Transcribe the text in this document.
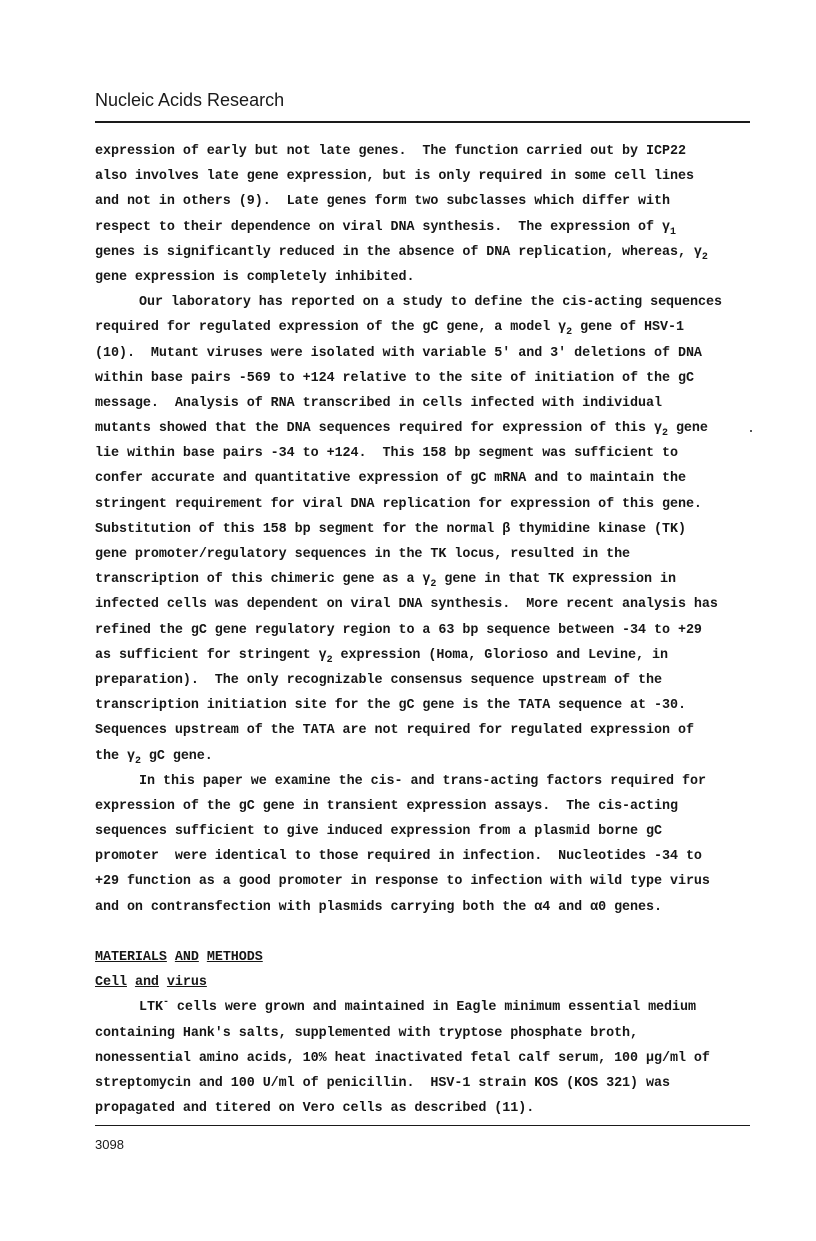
Nucleic Acids Research

expression of early but not late genes.  The function carried out by ICP22
also involves late gene expression, but is only required in some cell lines
and not in others (9).  Late genes form two subclasses which differ with
respect to their dependence on viral DNA synthesis.  The expression of $\gamma_1$
genes is significantly reduced in the absence of DNA replication, whereas, $\gamma_2$
gene expression is completely inhibited.

Our laboratory has reported on a study to define the cis-acting sequences
required for regulated expression of the gC gene, a model $\gamma_2$ gene of HSV-1
(10).  Mutant viruses were isolated with variable 5' and 3' deletions of DNA
within base pairs -569 to +124 relative to the site of initiation of the gC
message.  Analysis of RNA transcribed in cells infected with individual
mutants showed that the DNA sequences required for expression of this $\gamma_2$ gene
lie within base pairs -34 to +124.  This 158 bp segment was sufficient to
confer accurate and quantitative expression of gC mRNA and to maintain the
stringent requirement for viral DNA replication for expression of this gene.
Substitution of this 158 bp segment for the normal β thymidine kinase (TK)
gene promoter/regulatory sequences in the TK locus, resulted in the
transcription of this chimeric gene as a $\gamma_2$ gene in that TK expression in
infected cells was dependent on viral DNA synthesis.  More recent analysis has
refined the gC gene regulatory region to a 63 bp sequence between -34 to +29
as sufficient for stringent $\gamma_2$ expression (Homa, Glorioso and Levine, in
preparation).  The only recognizable consensus sequence upstream of the
transcription initiation site for the gC gene is the TATA sequence at -30.
Sequences upstream of the TATA are not required for regulated expression of
the $\gamma_2$ gC gene.

In this paper we examine the cis- and trans-acting factors required for
expression of the gC gene in transient expression assays.  The cis-acting
sequences sufficient to give induced expression from a plasmid borne gC
promoter  were identical to those required in infection.  Nucleotides -34 to
+29 function as a good promoter in response to infection with wild type virus
and on contransfection with plasmids carrying both the α4 and α0 genes.

MATERIALS AND METHODS
Cell and virus

LTK- cells were grown and maintained in Eagle minimum essential medium
containing Hank's salts, supplemented with tryptose phosphate broth,
nonessential amino acids, 10% heat inactivated fetal calf serum, 100 µg/ml of
streptomycin and 100 U/ml of penicillin.  HSV-1 strain KOS (KOS 321) was
propagated and titered on Vero cells as described (11).

3098
